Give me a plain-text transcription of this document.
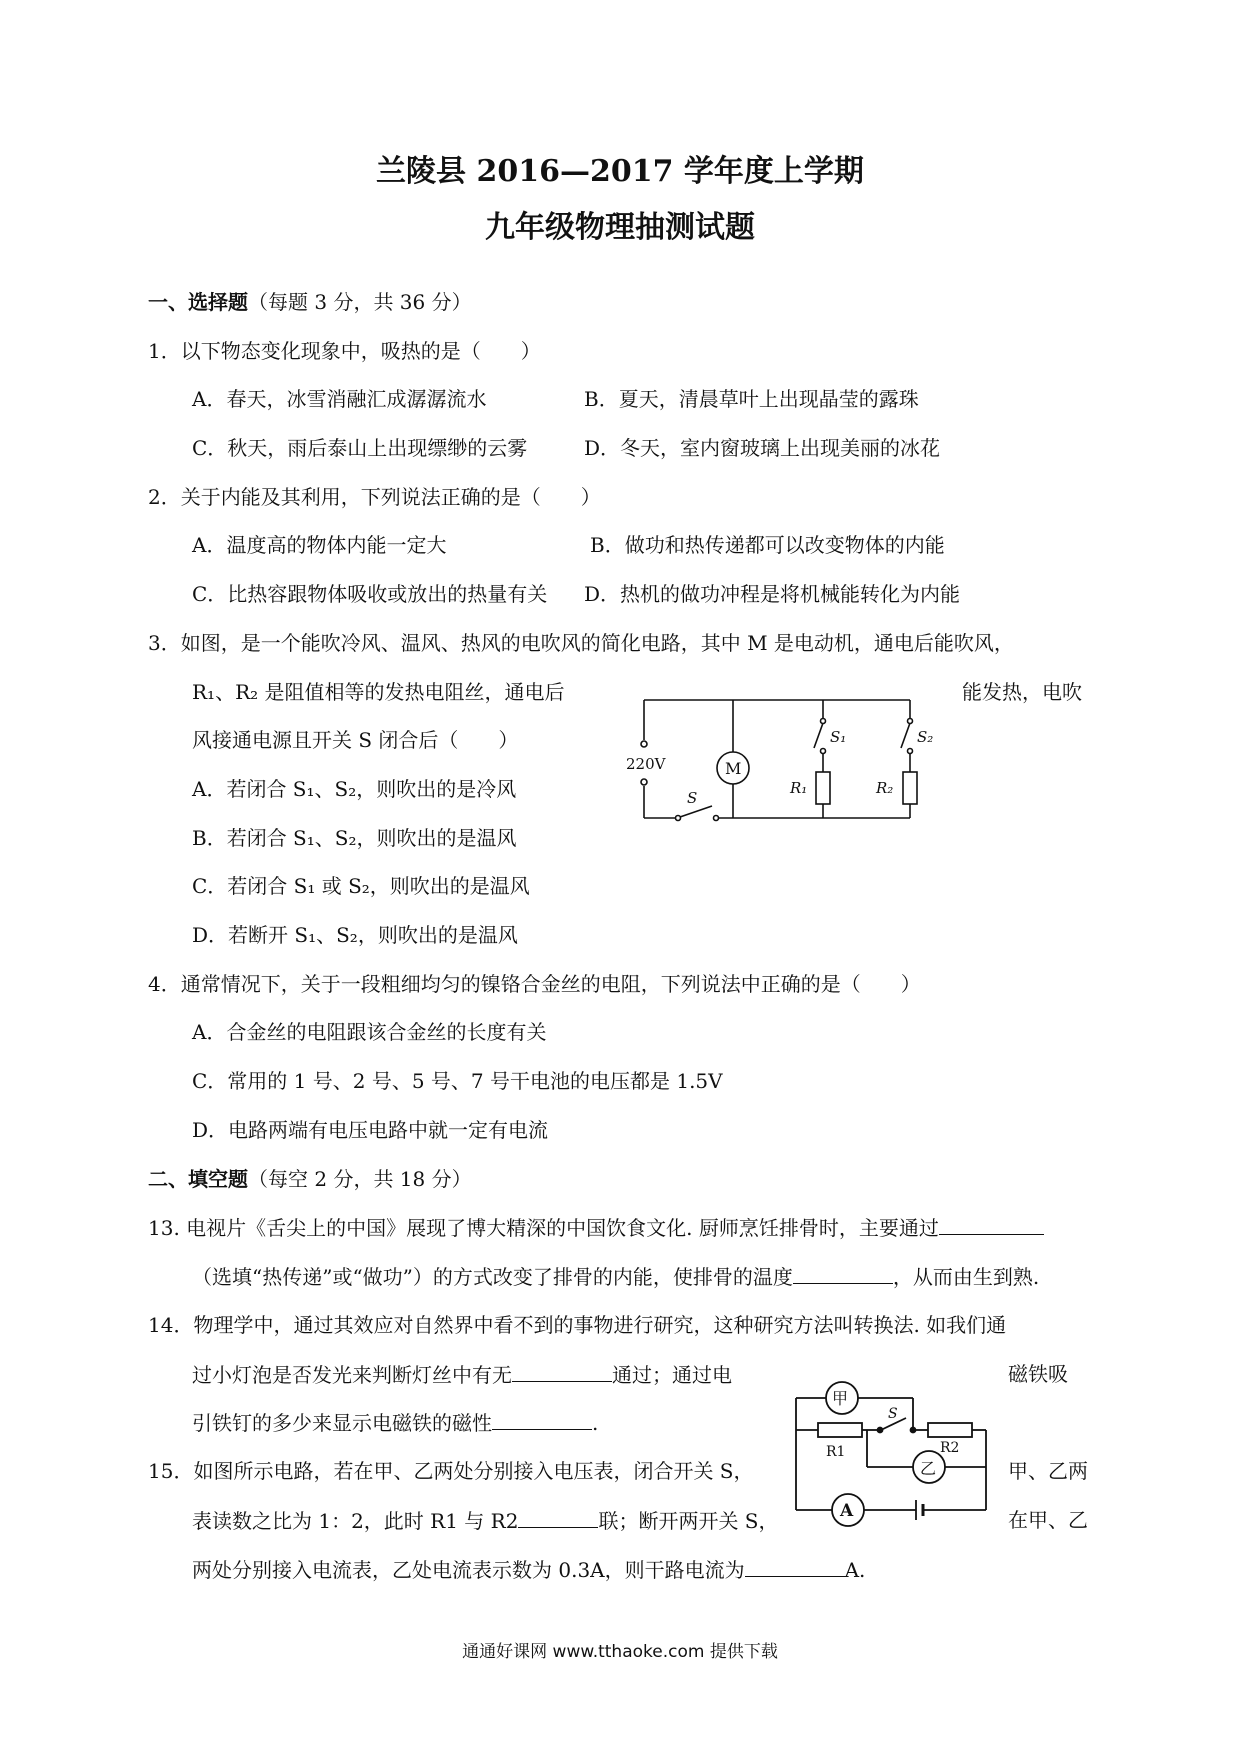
兰陵县 2016—2017 学年度上学期
九年级物理抽测试题
一、选择题（每题 3 分，共 36 分）
1．以下物态变化现象中，吸热的是（　　）
A．春天，冰雪消融汇成潺潺流水	B．夏天，清晨草叶上出现晶莹的露珠
C．秋天，雨后泰山上出现缥缈的云雾	D．冬天，室内窗玻璃上出现美丽的冰花
2．关于内能及其利用，下列说法正确的是（　　）
A．温度高的物体内能一定大	B．做功和热传递都可以改变物体的内能
C．比热容跟物体吸收或放出的热量有关 D．热机的做功冲程是将机械能转化为内能
3．如图，是一个能吹冷风、温风、热风的电吹风的简化电路，其中 M 是电动机，通电后能吹风，
R₁、R₂ 是阻值相等的发热电阻丝，通电后	能发热，电吹
风接通电源且开关 S 闭合后（　　）
A．若闭合 S₁、S₂，则吹出的是冷风
B．若闭合 S₁、S₂，则吹出的是温风
C．若闭合 S₁ 或 S₂，则吹出的是温风
D．若断开 S₁、S₂，则吹出的是温风
220V	M
S
S₁	S₂
R₁	R₂
4．通常情况下，关于一段粗细均匀的镍铬合金丝的电阻，下列说法中正确的是（　　）
A．合金丝的电阻跟该合金丝的长度有关
C．常用的 1 号、2 号、5 号、7 号干电池的电压都是 1.5V
D．电路两端有电压电路中就一定有电流
二、填空题（每空 2 分，共 18 分）
13. 电视片《舌尖上的中国》展现了博大精深的中国饮食文化. 厨师烹饪排骨时，主要通过
（选填“热传递”或“做功”）的方式改变了排骨的内能，使排骨的温度	，从而由生到熟.
14．物理学中，通过其效应对自然界中看不到的事物进行研究，这种研究方法叫转换法. 如我们通
过小灯泡是否发光来判断灯丝中有无	通过；通过电	磁铁吸
引铁钉的多少来显示电磁铁的磁性	.
15．如图所示电路，若在甲、乙两处分别接入电压表，闭合开关 S，	甲、乙两
表读数之比为 1：2，此时 R1 与 R2	联；断开两开关 S，	在甲、乙
两处分别接入电流表，乙处电流表示数为 0.3A，则干路电流为	A.
甲
乙
A
S
R1	R2
通通好课网 www.tthaoke.com 提供下载
